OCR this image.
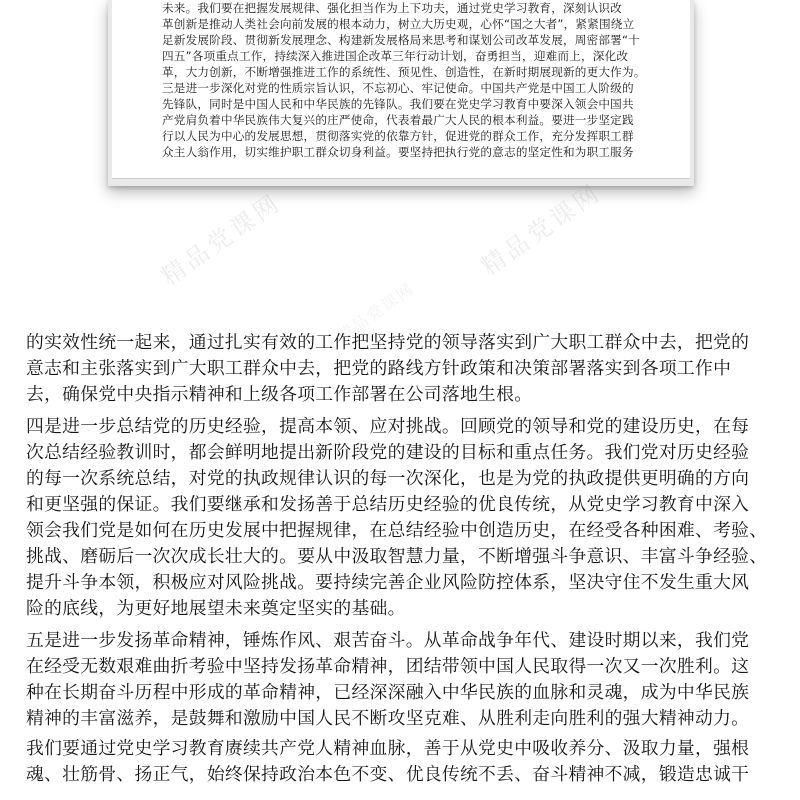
未来。我们要在把握发展规律、强化担当作为上下功夫，通过党史学习教育，深刻认识改
革创新是推动人类社会向前发展的根本动力，树立大历史观，心怀“国之大者”，紧紧围绕立
足新发展阶段、贯彻新发展理念、构建新发展格局来思考和谋划公司改革发展，周密部署“十
四五”各项重点工作，持续深入推进国企改革三年行动计划，奋勇担当，迎难而上，深化改
革，大力创新，不断增强推进工作的系统性、预见性、创造性，在新时期展现新的更大作为。
三是进一步深化对党的性质宗旨认识，不忘初心、牢记使命。中国共产党是中国工人阶级的
先锋队，同时是中国人民和中华民族的先锋队。我们要在党史学习教育中要深入领会中国共
产党肩负着中华民族伟大复兴的庄严使命，代表着最广大人民的根本利益。要进一步坚定践
行以人民为中心的发展思想，贯彻落实党的依靠方针，促进党的群众工作，充分发挥职工群
众主人翁作用，切实维护职工群众切身利益。要坚持把执行党的意志的坚定性和为职工服务
精品党课网	精品党课网
精品党课网
的实效性统一起来，通过扎实有效的工作把坚持党的领导落实到广大职工群众中去，把党的
意志和主张落实到广大职工群众中去，把党的路线方针政策和决策部署落实到各项工作中
去，确保党中央指示精神和上级各项工作部署在公司落地生根。
四是进一步总结党的历史经验，提高本领、应对挑战。回顾党的领导和党的建设历史，在每
次总结经验教训时，都会鲜明地提出新阶段党的建设的目标和重点任务。我们党对历史经验
的每一次系统总结，对党的执政规律认识的每一次深化，也是为党的执政提供更明确的方向
和更坚强的保证。我们要继承和发扬善于总结历史经验的优良传统，从党史学习教育中深入
领会我们党是如何在历史发展中把握规律，在总结经验中创造历史，在经受各种困难、考验、
挑战、磨砺后一次次成长壮大的。要从中汲取智慧力量，不断增强斗争意识、丰富斗争经验、
提升斗争本领，积极应对风险挑战。要持续完善企业风险防控体系，坚决守住不发生重大风
险的底线，为更好地展望未来奠定坚实的基础。
五是进一步发扬革命精神，锤炼作风、艰苦奋斗。从革命战争年代、建设时期以来，我们党
在经受无数艰难曲折考验中坚持发扬革命精神，团结带领中国人民取得一次又一次胜利。这
种在长期奋斗历程中形成的革命精神，已经深深融入中华民族的血脉和灵魂，成为中华民族
精神的丰富滋养，是鼓舞和激励中国人民不断攻坚克难、从胜利走向胜利的强大精神动力。
我们要通过党史学习教育赓续共产党人精神血脉，善于从党史中吸收养分、汲取力量，强根
魂、壮筋骨、扬正气，始终保持政治本色不变、优良传统不丢、奋斗精神不减，锻造忠诚干
